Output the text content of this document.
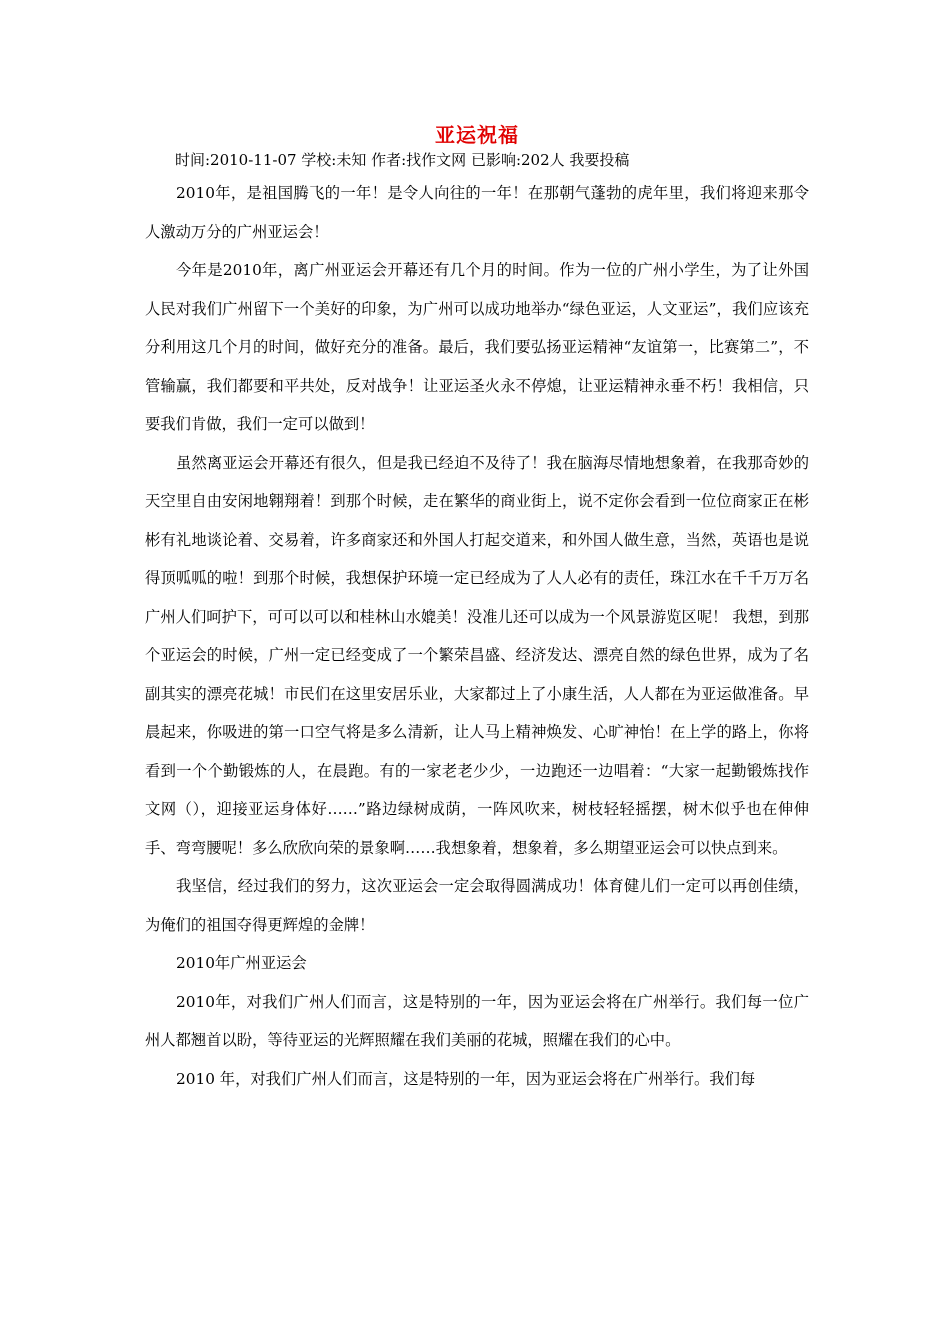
亚运祝福
时间:2010-11-07 学校:未知 作者:找作文网 已影响:202人 我要投稿

2010年，是祖国腾飞的一年！是令人向往的一年！在那朝气蓬勃的虎年里，我们将迎来那令人激动万分的广州亚运会！

今年是2010年，离广州亚运会开幕还有几个月的时间。作为一位的广州小学生，为了让外国人民对我们广州留下一个美好的印象，为广州可以成功地举办“绿色亚运，人文亚运”，我们应该充分利用这几个月的时间，做好充分的准备。最后，我们要弘扬亚运精神“友谊第一，比赛第二”，不管输赢，我们都要和平共处，反对战争！让亚运圣火永不停熄，让亚运精神永垂不朽！我相信，只要我们肯做，我们一定可以做到！

虽然离亚运会开幕还有很久，但是我已经迫不及待了！我在脑海尽情地想象着，在我那奇妙的天空里自由安闲地翱翔着！到那个时候，走在繁华的商业街上，说不定你会看到一位位商家正在彬彬有礼地谈论着、交易着，许多商家还和外国人打起交道来，和外国人做生意，当然，英语也是说得顶呱呱的啦！到那个时候，我想保护环境一定已经成为了人人必有的责任，珠江水在千千万万名广州人们呵护下，可可以可以和桂林山水媲美！没准儿还可以成为一个风景游览区呢！ 我想，到那个亚运会的时候，广州一定已经变成了一个繁荣昌盛、经济发达、漂亮自然的绿色世界，成为了名副其实的漂亮花城！市民们在这里安居乐业，大家都过上了小康生活，人人都在为亚运做准备。早晨起来，你吸进的第一口空气将是多么清新，让人马上精神焕发、心旷神怡！在上学的路上，你将看到一个个勤锻炼的人，在晨跑。有的一家老老少少，一边跑还一边唱着：“大家一起勤锻炼找作文网（），迎接亚运身体好……”路边绿树成荫，一阵风吹来，树枝轻轻摇摆，树木似乎也在伸伸手、弯弯腰呢！多么欣欣向荣的景象啊……我想象着，想象着，多么期望亚运会可以快点到来。

我坚信，经过我们的努力，这次亚运会一定会取得圆满成功！体育健儿们一定可以再创佳绩，为俺们的祖国夺得更辉煌的金牌！

2010年广州亚运会

2010年，对我们广州人们而言，这是特别的一年，因为亚运会将在广州举行。我们每一位广州人都翘首以盼，等待亚运的光辉照耀在我们美丽的花城，照耀在我们的心中。

2010 年，对我们广州人们而言，这是特别的一年，因为亚运会将在广州举行。我们每
